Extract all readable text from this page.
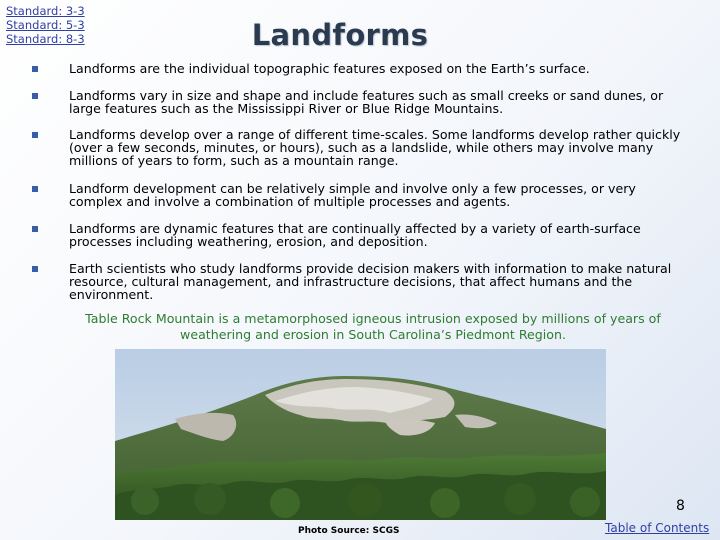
Standard: 3-3
Standard: 5-3
Standard: 8-3	Landforms
Landforms are the individual topographic features exposed on the Earth’s surface.
Landforms vary in size and shape and include features such as small creeks or sand dunes, or large features such as the Mississippi River or Blue Ridge Mountains.
Landforms develop over a range of different time-scales. Some landforms develop rather quickly (over a few seconds, minutes, or hours), such as a landslide, while others may involve many millions of years to form, such as a mountain range.
Landform development can be relatively simple and involve only a few processes, or very complex and involve a combination of multiple processes and agents.
Landforms are dynamic features that are continually affected by a variety of earth-surface processes including weathering, erosion, and deposition.
Earth scientists who study landforms provide decision makers with information to make natural resource, cultural management, and infrastructure decisions, that affect humans and the environment.
Table Rock Mountain is a metamorphosed igneous intrusion exposed by millions of years of weathering and erosion in South Carolina’s Piedmont Region.
8
Photo Source: SCGS	Table of Contents
